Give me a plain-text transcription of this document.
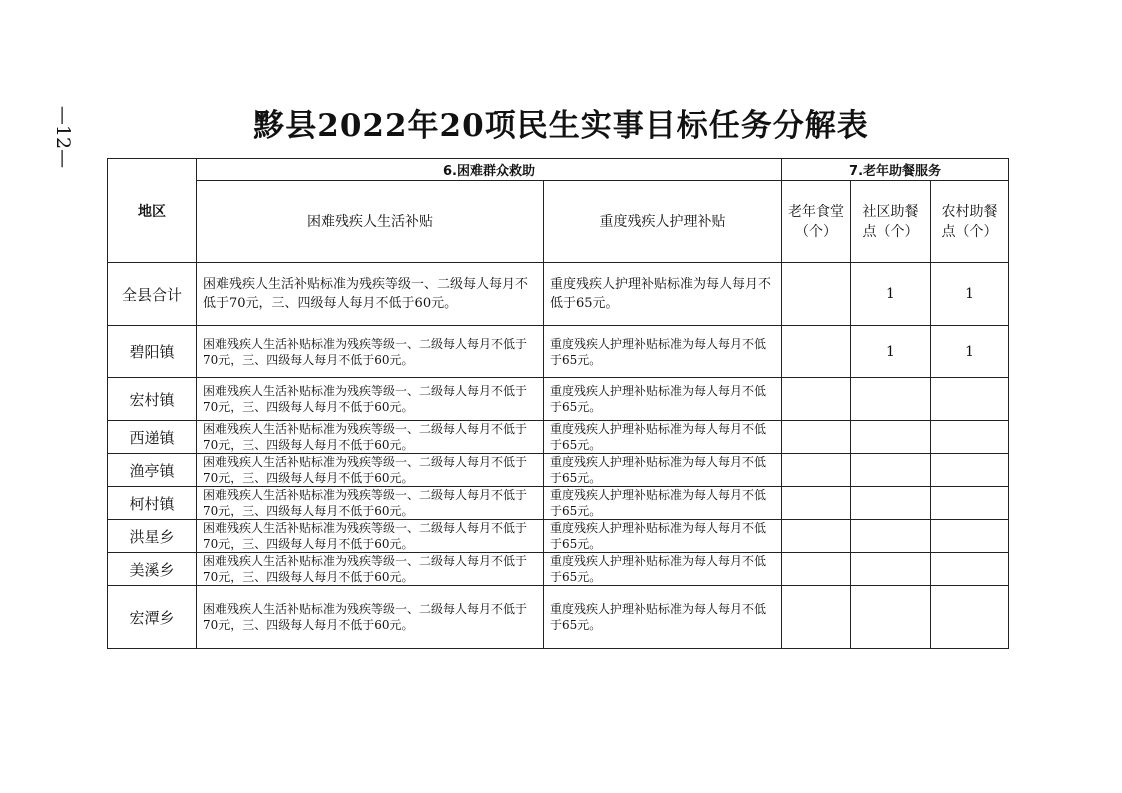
—12—	黟县2022年20项民生实事目标任务分解表
地区	6.困难群众救助		7.老年助餐服务		
	困难残疾人生活补贴	重度残疾人护理补贴	老年食堂（个）	社区助餐点（个）	农村助餐点（个）
全县合计	困难残疾人生活补贴标准为残疾等级一、二级每人每月不低于70元，三、四级每人每月不低于60元。	重度残疾人护理补贴标准为每人每月不低于65元。		1	1
碧阳镇	困难残疾人生活补贴标准为残疾等级一、二级每人每月不低于70元，三、四级每人每月不低于60元。	重度残疾人护理补贴标准为每人每月不低于65元。		1	1
宏村镇	困难残疾人生活补贴标准为残疾等级一、二级每人每月不低于70元，三、四级每人每月不低于60元。	重度残疾人护理补贴标准为每人每月不低于65元。			
西递镇	困难残疾人生活补贴标准为残疾等级一、二级每人每月不低于70元，三、四级每人每月不低于60元。	重度残疾人护理补贴标准为每人每月不低于65元。			
渔亭镇	困难残疾人生活补贴标准为残疾等级一、二级每人每月不低于70元，三、四级每人每月不低于60元。	重度残疾人护理补贴标准为每人每月不低于65元。			
柯村镇	困难残疾人生活补贴标准为残疾等级一、二级每人每月不低于70元，三、四级每人每月不低于60元。	重度残疾人护理补贴标准为每人每月不低于65元。			
洪星乡	困难残疾人生活补贴标准为残疾等级一、二级每人每月不低于70元，三、四级每人每月不低于60元。	重度残疾人护理补贴标准为每人每月不低于65元。			
美溪乡	困难残疾人生活补贴标准为残疾等级一、二级每人每月不低于70元，三、四级每人每月不低于60元。	重度残疾人护理补贴标准为每人每月不低于65元。			
宏潭乡	困难残疾人生活补贴标准为残疾等级一、二级每人每月不低于70元，三、四级每人每月不低于60元。	重度残疾人护理补贴标准为每人每月不低于65元。			
